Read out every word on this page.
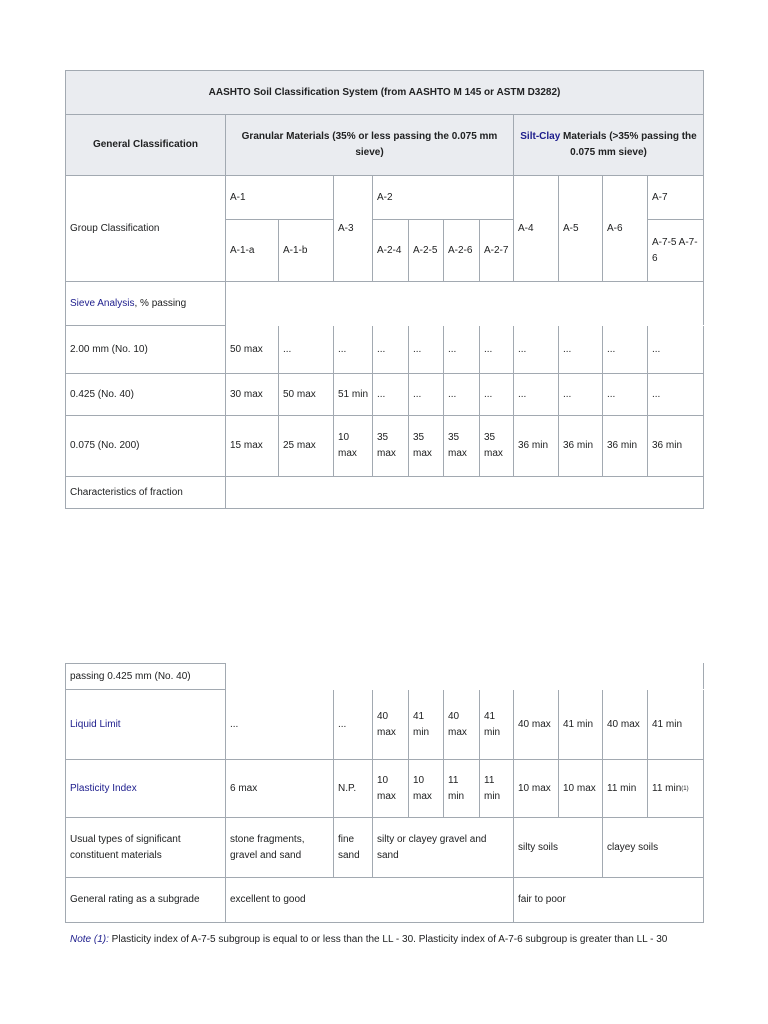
AASHTO Soil Classification System (from AASHTO M 145 or ASTM D3282)											
General Classification	Granular Materials (35% or less passing the 0.075 mm sieve)							Silt-Clay Materials (>35% passing the 0.075 mm sieve)			
Group Classification	A-1		A-3	A-2				A-4	A-5	A-6	A-7
	A-1-a	A-1-b		A-2-4	A-2-5	A-2-6	A-2-7				A-7-5 A-7-6
Sieve Analysis, % passing											
2.00 mm (No. 10)	50 max	...	...	...	...	...	...	...	...	...	...
0.425 (No. 40)	30 max	50 max	51 min	...	...	...	...	...	...	...	...
0.075 (No. 200)	15 max	25 max	10 max	35 max	35 max	35 max	35 max	36 min	36 min	36 min	36 min
Characteristics of fraction											
passing 0.425 mm (No. 40)										
Liquid Limit	...	...	40 max	41 min	40 max	41 min	40 max	41 min	40 max	41 min
Plasticity Index	6 max	N.P.	10 max	10 max	11 min	11 min	10 max	10 max	11 min	11 $\min^{(1)}$
Usual types of significant constituent materials	stone fragments, gravel and sand	fine sand	silty or clayey gravel and sand				silty soils		clayey soils	
General rating as a subgrade	excellent to good						fair to poor			
Note (1): Plasticity index of A-7-5 subgroup is equal to or less than the LL - 30. Plasticity index of A-7-6 subgroup is greater than LL - 30
